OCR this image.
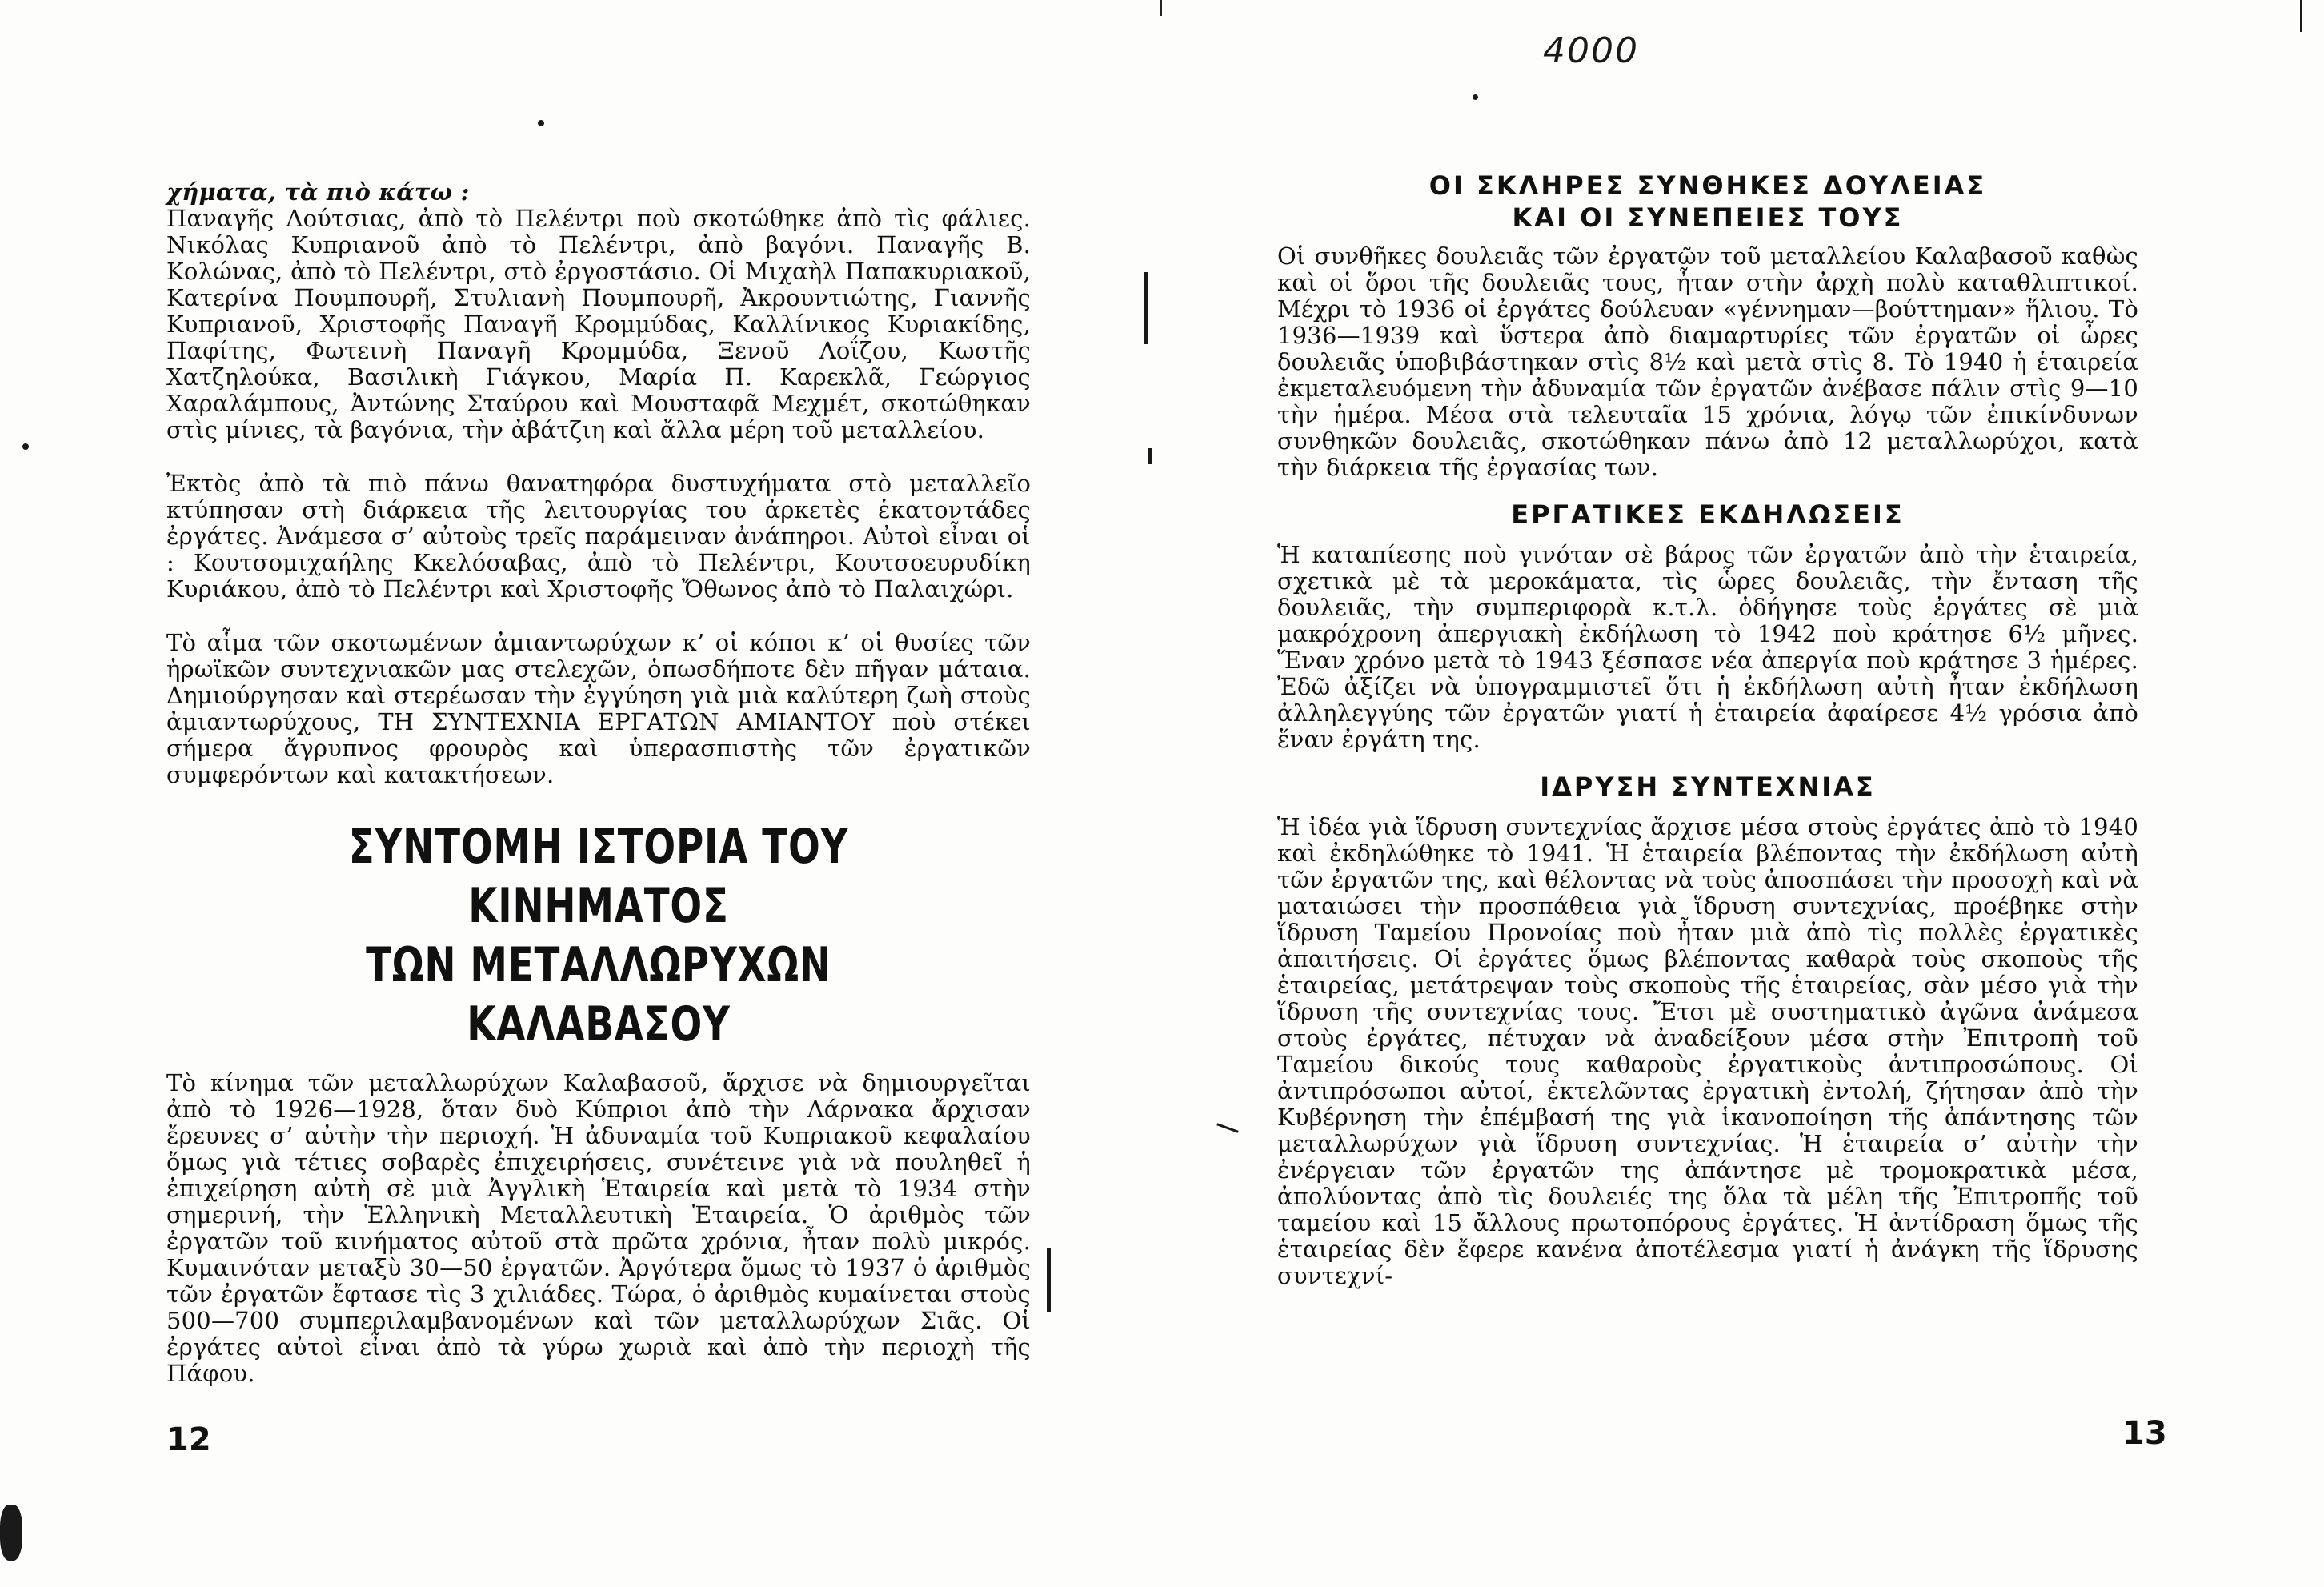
χήματα, τὰ πιὸ κάτω :
Παναγῆς Λούτσιας, ἀπὸ τὸ Πελέντρι ποὺ σκοτώθηκε ἀπὸ τὶς φάλιες. Νικόλας Κυπριανοῦ ἀπὸ τὸ Πελέντρι, ἀπὸ βαγόνι. Παναγῆς Β. Κολώνας, ἀπὸ τὸ Πελέντρι, στὸ ἐργοστάσιο. Οἱ Μιχαὴλ Παπακυριακοῦ, Κατερίνα Πουμπουρῆ, Στυλιανὴ Πουμπουρῆ, Ἀκρουντιώτης, Γιαννῆς Κυπριανοῦ, Χριστοφῆς Παναγῆ Κρομμύδας, Καλλίνικος Κυριακίδης, Παφίτης, Φωτεινὴ Παναγῆ Κρομμύδα, Ξενοῦ Λοΐζου, Κωστῆς Χατζηλούκα, Βασιλικὴ Γιάγκου, Μαρία Π. Καρεκλᾶ, Γεώργιος Χαραλάμπους, Ἀντώνης Σταύρου καὶ Μουσταφᾶ Μεχμέτ, σκοτώθηκαν στὶς μίνιες, τὰ βαγόνια, τὴν ἀβάτζιη καὶ ἄλλα μέρη τοῦ μεταλλείου.

Ἐκτὸς ἀπὸ τὰ πιὸ πάνω θανατηφόρα δυστυχήματα στὸ μεταλλεῖο κτύπησαν στὴ διάρκεια τῆς λειτουργίας του ἀρκετὲς ἑκατοντάδες ἐργάτες. Ἀνάμεσα σ’ αὐτοὺς τρεῖς παράμειναν ἀνάπηροι. Αὐτοὶ εἶναι οἱ : Κουτσομιχαήλης Κκελόσαβας, ἀπὸ τὸ Πελέντρι, Κουτσοευρυδίκη Κυριάκου, ἀπὸ τὸ Πελέντρι καὶ Χριστοφῆς Ὄθωνος ἀπὸ τὸ Παλαιχώρι.

Τὸ αἷμα τῶν σκοτωμένων ἀμιαντωρύχων κ’ οἱ κόποι κ’ οἱ θυσίες τῶν ἡρωϊκῶν συντεχνιακῶν μας στελεχῶν, ὁπωσδήποτε δὲν πῆγαν μάταια. Δημιούργησαν καὶ στερέωσαν τὴν ἐγγύηση γιὰ μιὰ καλύτερη ζωὴ στοὺς ἀμιαντωρύχους, ΤΗ ΣΥΝΤΕΧΝΙΑ ΕΡΓΑΤΩΝ ΑΜΙΑΝΤΟΥ ποὺ στέκει σήμερα ἄγρυπνος φρουρὸς καὶ ὑπερασπιστὴς τῶν ἐργατικῶν συμφερόντων καὶ κατακτήσεων.

ΣΥΝΤΟΜΗ ΙΣΤΟΡΙΑ ΤΟΥ ΚΙΝΗΜΑΤΟΣ

ΤΩΝ ΜΕΤΑΛΛΩΡΥΧΩΝ ΚΑΛΑΒΑΣΟΥ

Τὸ κίνημα τῶν μεταλλωρύχων Καλαβασοῦ, ἄρχισε νὰ δημιουργεῖται ἀπὸ τὸ 1926—1928, ὅταν δυὸ Κύπριοι ἀπὸ τὴν Λάρνακα ἄρχισαν ἔρευνες σ’ αὐτὴν τὴν περιοχή. Ἡ ἀδυναμία τοῦ Κυπριακοῦ κεφαλαίου ὅμως γιὰ τέτιες σοβαρὲς ἐπιχειρήσεις, συνέτεινε γιὰ νὰ πουληθεῖ ἡ ἐπιχείρηση αὐτὴ σὲ μιὰ Ἀγγλικὴ Ἑταιρεία καὶ μετὰ τὸ 1934 στὴν σημερινή, τὴν Ἑλληνικὴ Μεταλλευτικὴ Ἑταιρεία. Ὁ ἀριθμὸς τῶν ἐργατῶν τοῦ κινήματος αὐτοῦ στὰ πρῶτα χρόνια, ἦταν πολὺ μικρός. Κυμαινόταν μεταξὺ 30—50 ἐργατῶν. Ἀργότερα ὅμως τὸ 1937 ὁ ἀριθμὸς τῶν ἐργατῶν ἔφτασε τὶς 3 χιλιάδες. Τώρα, ὁ ἀριθμὸς κυμαίνεται στοὺς 500—700 συμπεριλαμβανομένων καὶ τῶν μεταλλωρύχων Σιᾶς. Οἱ ἐργάτες αὐτοὶ εἶναι ἀπὸ τὰ γύρω χωριὰ καὶ ἀπὸ τὴν περιοχὴ τῆς Πάφου.

12
4000

ΟΙ ΣΚΛΗΡΕΣ ΣΥΝΘΗΚΕΣ ΔΟΥΛΕΙΑΣ

ΚΑΙ ΟΙ ΣΥΝΕΠΕΙΕΣ ΤΟΥΣ

Οἱ συνθῆκες δουλειᾶς τῶν ἐργατῶν τοῦ μεταλλείου Καλαβασοῦ καθὼς καὶ οἱ ὅροι τῆς δουλειᾶς τους, ἦταν στὴν ἀρχὴ πολὺ καταθλιπτικοί. Μέχρι τὸ 1936 οἱ ἐργάτες δούλευαν «γέννημαν—βούττημαν» ἥλιου. Τὸ 1936—1939 καὶ ὕστερα ἀπὸ διαμαρτυρίες τῶν ἐργατῶν οἱ ὧρες δουλειᾶς ὑποβιβάστηκαν στὶς 8½ καὶ μετὰ στὶς 8. Τὸ 1940 ἡ ἑταιρεία ἐκμεταλευόμενη τὴν ἀδυναμία τῶν ἐργατῶν ἀνέβασε πάλιν στὶς 9—10 τὴν ἡμέρα. Μέσα στὰ τελευταῖα 15 χρόνια, λόγῳ τῶν ἐπικίνδυνων συνθηκῶν δουλειᾶς, σκοτώθηκαν πάνω ἀπὸ 12 μεταλλωρύχοι, κατὰ τὴν διάρκεια τῆς ἐργασίας των.

ΕΡΓΑΤΙΚΕΣ ΕΚΔΗΛΩΣΕΙΣ

Ἡ καταπίεσης ποὺ γινόταν σὲ βάρος τῶν ἐργατῶν ἀπὸ τὴν ἑταιρεία, σχετικὰ μὲ τὰ μεροκάματα, τὶς ὧρες δουλειᾶς, τὴν ἔνταση τῆς δουλειᾶς, τὴν συμπεριφορὰ κ.τ.λ. ὁδήγησε τοὺς ἐργάτες σὲ μιὰ μακρόχρονη ἀπεργιακὴ ἐκδήλωση τὸ 1942 ποὺ κράτησε 6½ μῆνες. Ἕναν χρόνο μετὰ τὸ 1943 ξέσπασε νέα ἀπεργία ποὺ κράτησε 3 ἡμέρες. Ἐδῶ ἀξίζει νὰ ὑπογραμμιστεῖ ὅτι ἡ ἐκδήλωση αὐτὴ ἦταν ἐκδήλωση ἀλληλεγγύης τῶν ἐργατῶν γιατί ἡ ἑταιρεία ἀφαίρεσε 4½ γρόσια ἀπὸ ἕναν ἐργάτη της.

ΙΔΡΥΣΗ ΣΥΝΤΕΧΝΙΑΣ

Ἡ ἰδέα γιὰ ἵδρυση συντεχνίας ἄρχισε μέσα στοὺς ἐργάτες ἀπὸ τὸ 1940 καὶ ἐκδηλώθηκε τὸ 1941. Ἡ ἑταιρεία βλέποντας τὴν ἐκδήλωση αὐτὴ τῶν ἐργατῶν της, καὶ θέλοντας νὰ τοὺς ἀποσπάσει τὴν προσοχὴ καὶ νὰ ματαιώσει τὴν προσπάθεια γιὰ ἵδρυση συντεχνίας, προέβηκε στὴν ἵδρυση Ταμείου Προνοίας ποὺ ἦταν μιὰ ἀπὸ τὶς πολλὲς ἐργατικὲς ἀπαιτήσεις. Οἱ ἐργάτες ὅμως βλέποντας καθαρὰ τοὺς σκοποὺς τῆς ἑταιρείας, μετάτρεψαν τοὺς σκοποὺς τῆς ἑταιρείας, σὰν μέσο γιὰ τὴν ἵδρυση τῆς συντεχνίας τους. Ἔτσι μὲ συστηματικὸ ἀγῶνα ἀνάμεσα στοὺς ἐργάτες, πέτυχαν νὰ ἀναδείξουν μέσα στὴν Ἐπιτροπὴ τοῦ Ταμείου δικούς τους καθαροὺς ἐργατικοὺς ἀντιπροσώπους. Οἱ ἀντιπρόσωποι αὐτοί, ἐκτελῶντας ἐργατικὴ ἐντολή, ζήτησαν ἀπὸ τὴν Κυβέρνηση τὴν ἐπέμβασή της γιὰ ἱκανοποίηση τῆς ἀπάντησης τῶν μεταλλωρύχων γιὰ ἵδρυση συντεχνίας. Ἡ ἑταιρεία σ’ αὐτὴν τὴν ἐνέργειαν τῶν ἐργατῶν της ἀπάντησε μὲ τρομοκρατικὰ μέσα, ἀπολύοντας ἀπὸ τὶς δουλειές της ὅλα τὰ μέλη τῆς Ἐπιτροπῆς τοῦ ταμείου καὶ 15 ἄλλους πρωτοπόρους ἐργάτες. Ἡ ἀντίδραση ὅμως τῆς ἑταιρείας δὲν ἔφερε κανένα ἀποτέλεσμα γιατί ἡ ἀνάγκη τῆς ἵδρυσης συντεχνί-

13
